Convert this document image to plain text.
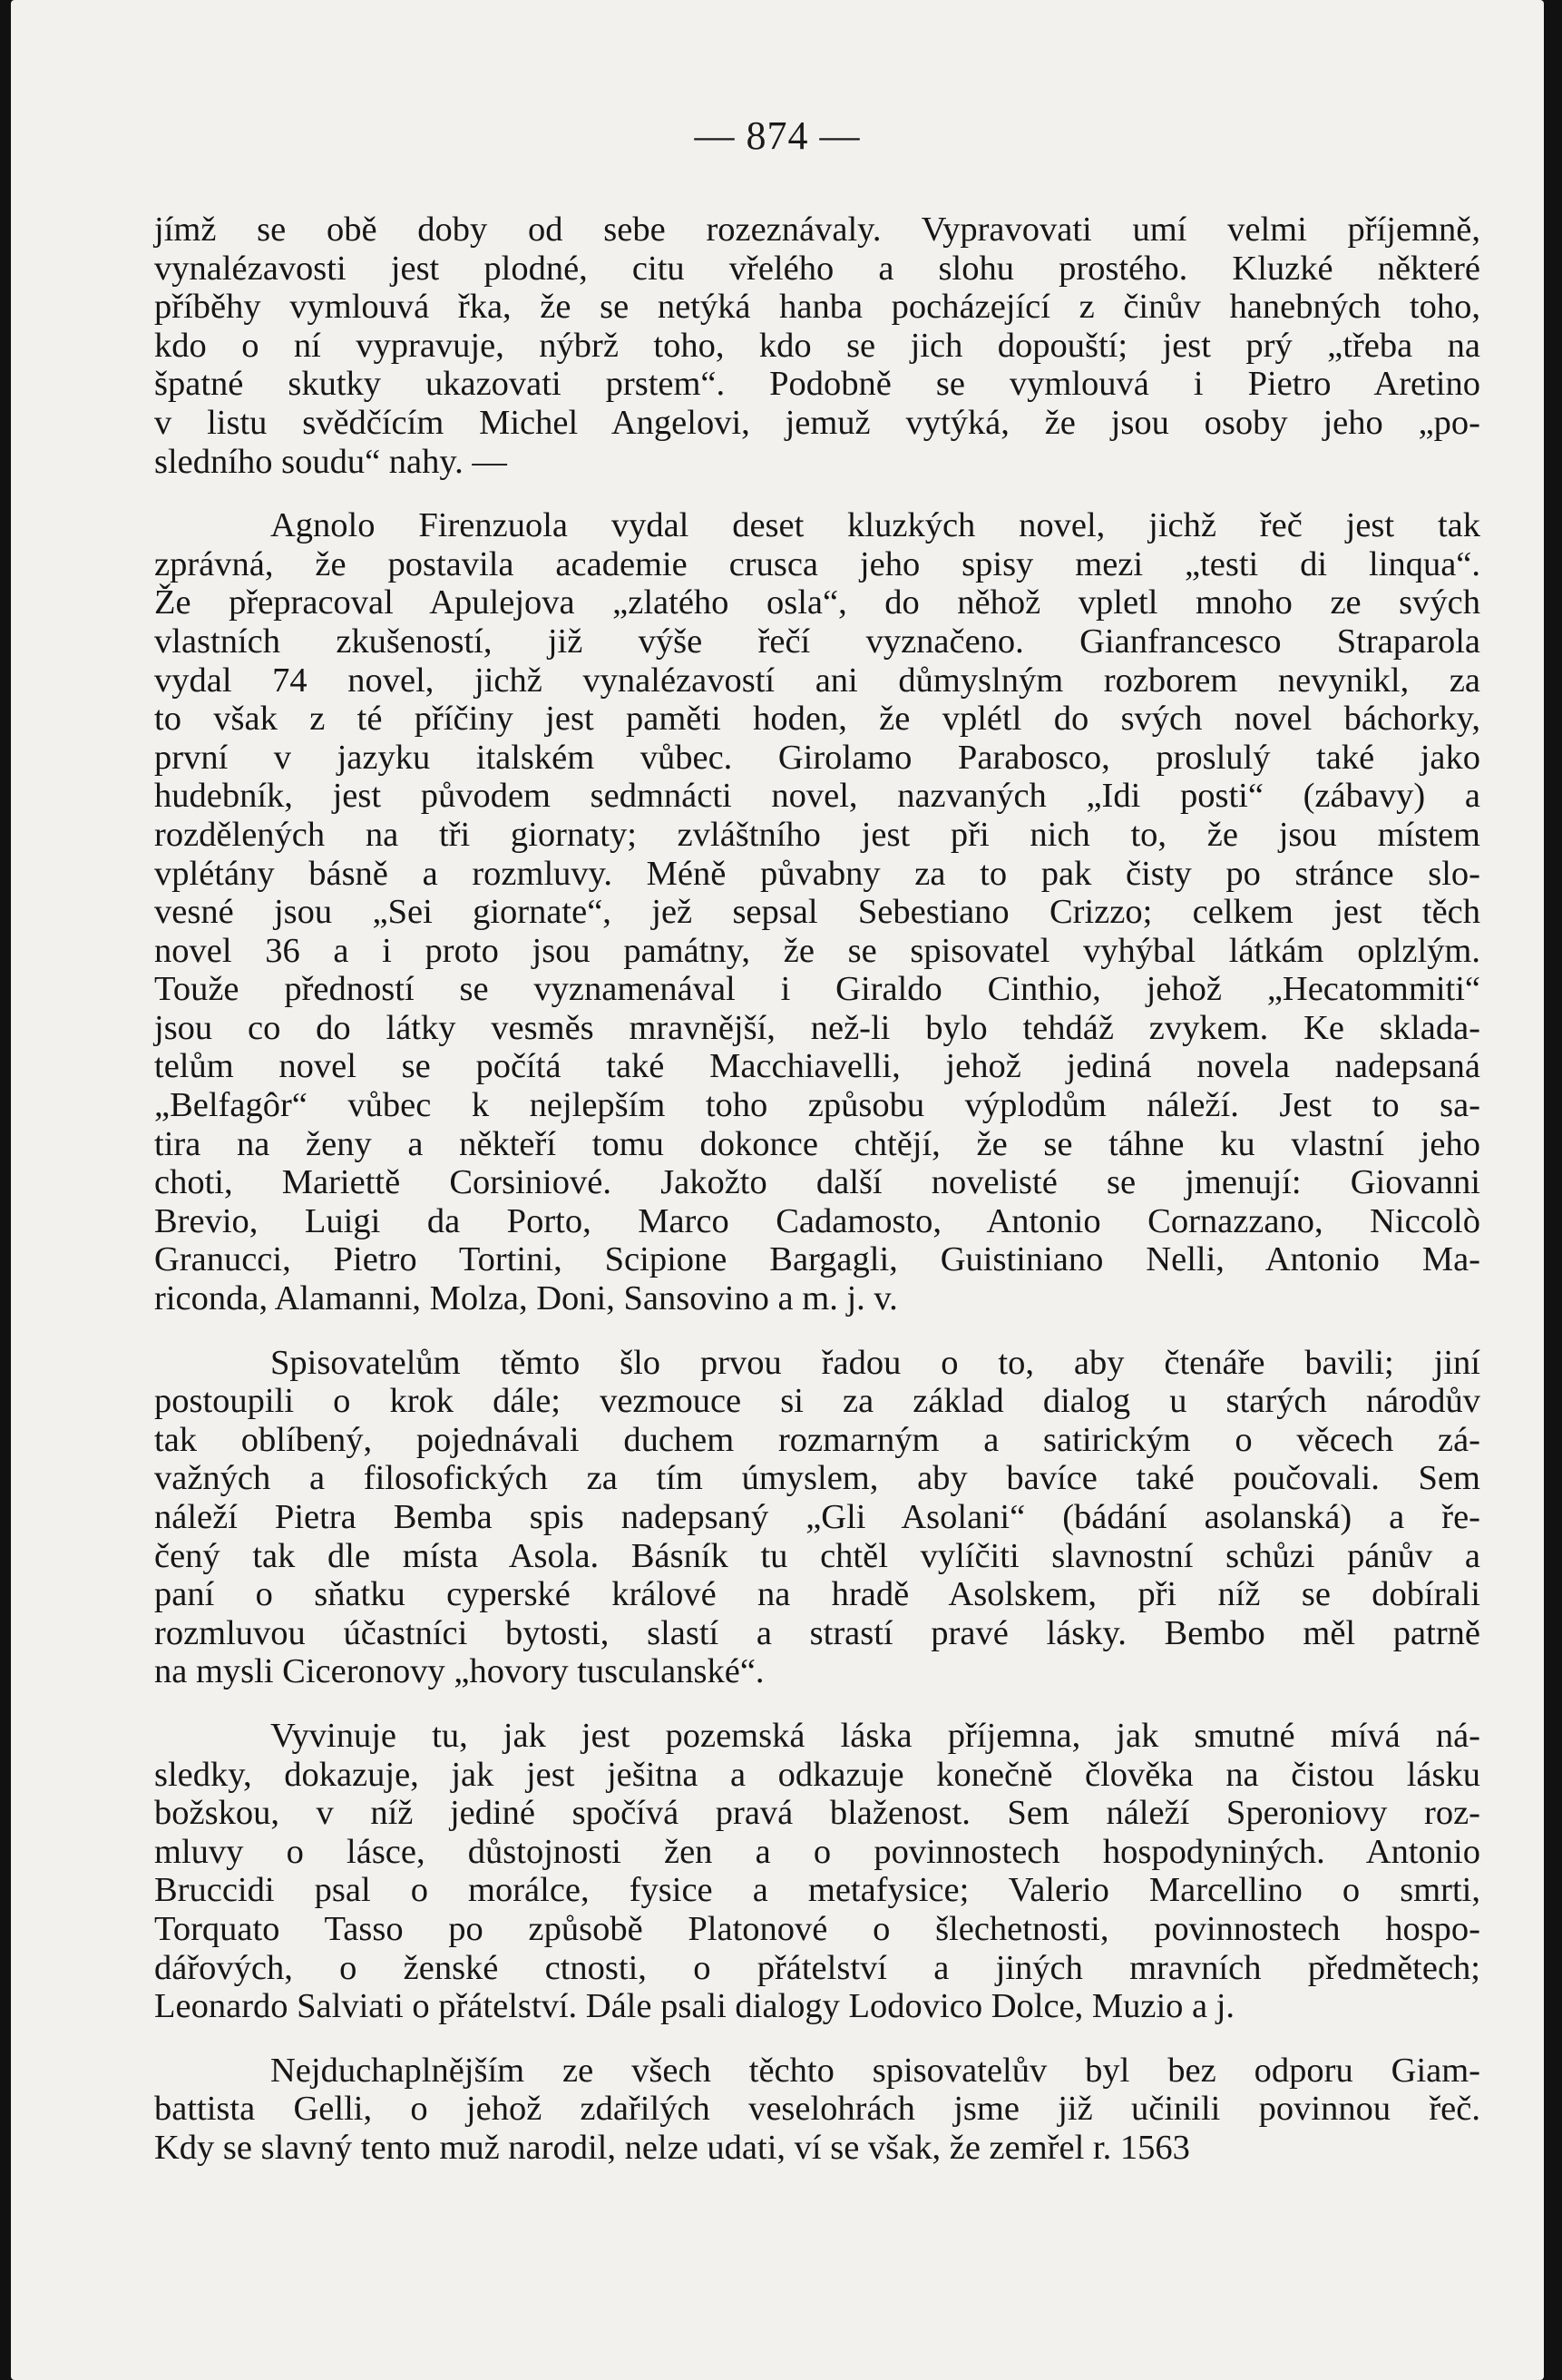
— 874 —
jímž se obě doby od sebe rozeznávaly. Vypravovati umí velmi příjemně,
vynalézavosti jest plodné, citu vřelého a slohu prostého. Kluzké některé
příběhy vymlouvá řka, že se netýká hanba pocházející z činův hanebných toho,
kdo o ní vypravuje, nýbrž toho, kdo se jich dopouští; jest prý „třeba na
špatné skutky ukazovati prstem“. Podobně se vymlouvá i Pietro Aretino
v listu svědčícím Michel Angelovi, jemuž vytýká, že jsou osoby jeho „po-
sledního soudu“ nahy. —
Agnolo Firenzuola vydal deset kluzkých novel, jichž řeč jest tak
zprávná, že postavila academie crusca jeho spisy mezi „testi di linqua“.
Že přepracoval Apulejova „zlatého osla“, do něhož vpletl mnoho ze svých
vlastních zkušeností, již výše řečí vyznačeno. Gianfrancesco Straparola
vydal 74 novel, jichž vynalézavostí ani důmyslným rozborem nevynikl, za
to však z té příčiny jest paměti hoden, že vplétl do svých novel báchorky,
první v jazyku italském vůbec. Girolamo Parabosco, proslulý také jako
hudebník, jest původem sedmnácti novel, nazvaných „Idi posti“ (zábavy) a
rozdělených na tři giornaty; zvláštního jest při nich to, že jsou místem
vplétány básně a rozmluvy. Méně půvabny za to pak čisty po stránce slo-
vesné jsou „Sei giornate“, jež sepsal Sebestiano Crizzo; celkem jest těch
novel 36 a i proto jsou památny, že se spisovatel vyhýbal látkám oplzlým.
Touže předností se vyznamenával i Giraldo Cinthio, jehož „Hecatommiti“
jsou co do látky vesměs mravnější, než-li bylo tehdáž zvykem. Ke sklada-
telům novel se počítá také Macchiavelli, jehož jediná novela nadepsaná
„Belfagôr“ vůbec k nejlepším toho způsobu výplodům náleží. Jest to sa-
tira na ženy a někteří tomu dokonce chtějí, že se táhne ku vlastní jeho
choti, Mariettě Corsiniové. Jakožto další novelisté se jmenují: Giovanni
Brevio, Luigi da Porto, Marco Cadamosto, Antonio Cornazzano, Niccolò
Granucci, Pietro Tortini, Scipione Bargagli, Guistiniano Nelli, Antonio Ma-
riconda, Alamanni, Molza, Doni, Sansovino a m. j. v.
Spisovatelům těmto šlo prvou řadou o to, aby čtenáře bavili; jiní
postoupili o krok dále; vezmouce si za základ dialog u starých národův
tak oblíbený, pojednávali duchem rozmarným a satirickým o věcech zá-
važných a filosofických za tím úmyslem, aby bavíce také poučovali. Sem
náleží Pietra Bemba spis nadepsaný „Gli Asolani“ (bádání asolanská) a ře-
čený tak dle místa Asola. Básník tu chtěl vylíčiti slavnostní schůzi pánův a
paní o sňatku cyperské králové na hradě Asolskem, při níž se dobírali
rozmluvou účastníci bytosti, slastí a strastí pravé lásky. Bembo měl patrně
na mysli Ciceronovy „hovory tusculanské“.
Vyvinuje tu, jak jest pozemská láska příjemna, jak smutné mívá ná-
sledky, dokazuje, jak jest ješitna a odkazuje konečně člověka na čistou lásku
božskou, v níž jediné spočívá pravá blaženost. Sem náleží Speroniovy roz-
mluvy o lásce, důstojnosti žen a o povinnostech hospodyniných. Antonio
Bruccidi psal o morálce, fysice a metafysice; Valerio Marcellino o smrti,
Torquato Tasso po způsobě Platonové o šlechetnosti, povinnostech hospo-
dářových, o ženské ctnosti, o přátelství a jiných mravních předmětech;
Leonardo Salviati o přátelství. Dále psali dialogy Lodovico Dolce, Muzio a j.
Nejduchaplnějším ze všech těchto spisovatelův byl bez odporu Giam-
battista Gelli, o jehož zdařilých veselohrách jsme již učinili povinnou řeč.
Kdy se slavný tento muž narodil, nelze udati, ví se však, že zemřel r. 1563
